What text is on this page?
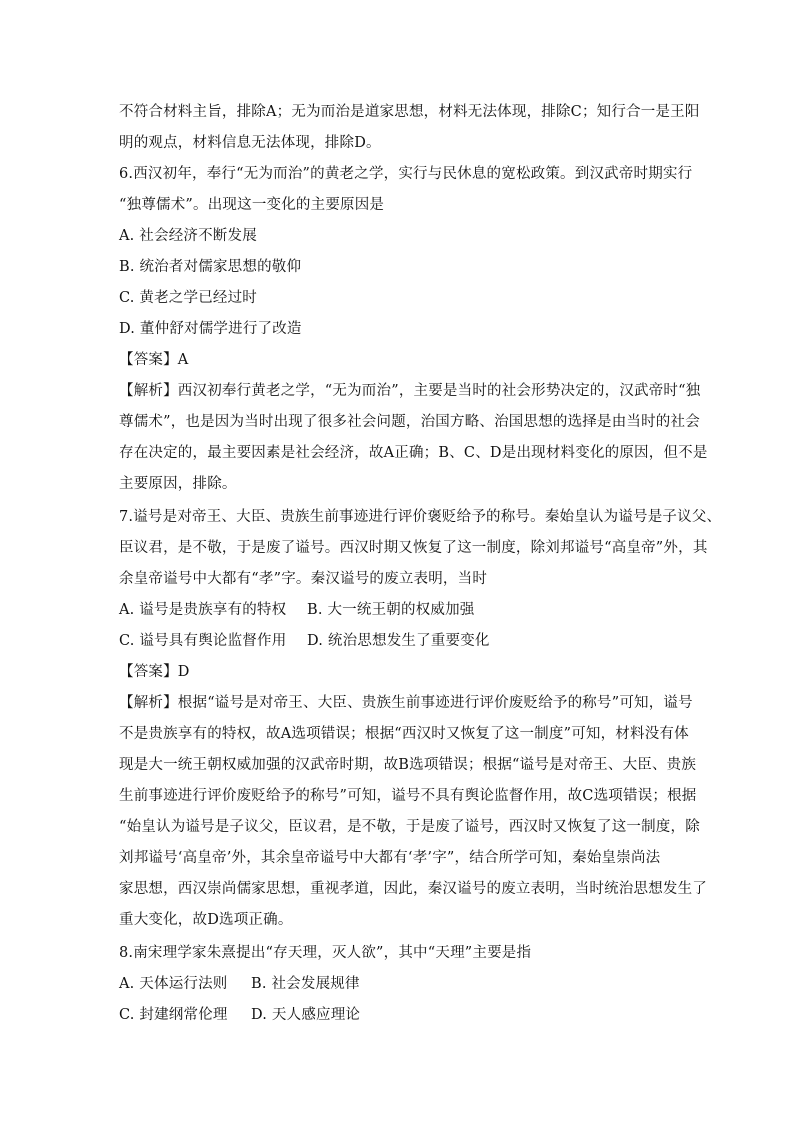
不符合材料主旨，排除A；无为而治是道家思想，材料无法体现，排除C；知行合一是王阳
明的观点，材料信息无法体现，排除D。
6.西汉初年，奉行“无为而治”的黄老之学，实行与民休息的宽松政策。到汉武帝时期实行
“独尊儒术”。出现这一变化的主要原因是
A. 社会经济不断发展
B. 统治者对儒家思想的敬仰
C. 黄老之学已经过时
D. 董仲舒对儒学进行了改造
【答案】A
【解析】西汉初奉行黄老之学，“无为而治”，主要是当时的社会形势决定的，汉武帝时“独
尊儒术”，也是因为当时出现了很多社会问题，治国方略、治国思想的选择是由当时的社会
存在决定的，最主要因素是社会经济，故A正确；B、C、D是出现材料变化的原因，但不是
主要原因，排除。
7.谥号是对帝王、大臣、贵族生前事迹进行评价褒贬给予的称号。秦始皇认为谥号是子议父、
臣议君，是不敬，于是废了谥号。西汉时期又恢复了这一制度，除刘邦谥号“高皇帝”外，其
余皇帝谥号中大都有“孝”字。秦汉谥号的废立表明，当时
A. 谥号是贵族享有的特权 B. 大一统王朝的权威加强
C. 谥号具有舆论监督作用 D. 统治思想发生了重要变化
【答案】D
【解析】根据“谥号是对帝王、大臣、贵族生前事迹进行评价废贬给予的称号”可知，谥号
不是贵族享有的特权，故A选项错误；根据“西汉时又恢复了这一制度”可知，材料没有体
现是大一统王朝权威加强的汉武帝时期，故B选项错误；根据“谥号是对帝王、大臣、贵族
生前事迹进行评价废贬给予的称号”可知，谥号不具有舆论监督作用，故C选项错误；根据
“始皇认为谥号是子议父，臣议君，是不敬，于是废了谥号，西汉时又恢复了这一制度，除
刘邦谥号‘高皇帝’外，其余皇帝谥号中大都有‘孝’字”，结合所学可知，秦始皇崇尚法
家思想，西汉崇尚儒家思想，重视孝道，因此，秦汉谥号的废立表明，当时统治思想发生了
重大变化，故D选项正确。
8.南宋理学家朱熹提出“存天理，灭人欲”，其中“天理”主要是指
A. 天体运行法则 B. 社会发展规律
C. 封建纲常伦理 D. 天人感应理论
